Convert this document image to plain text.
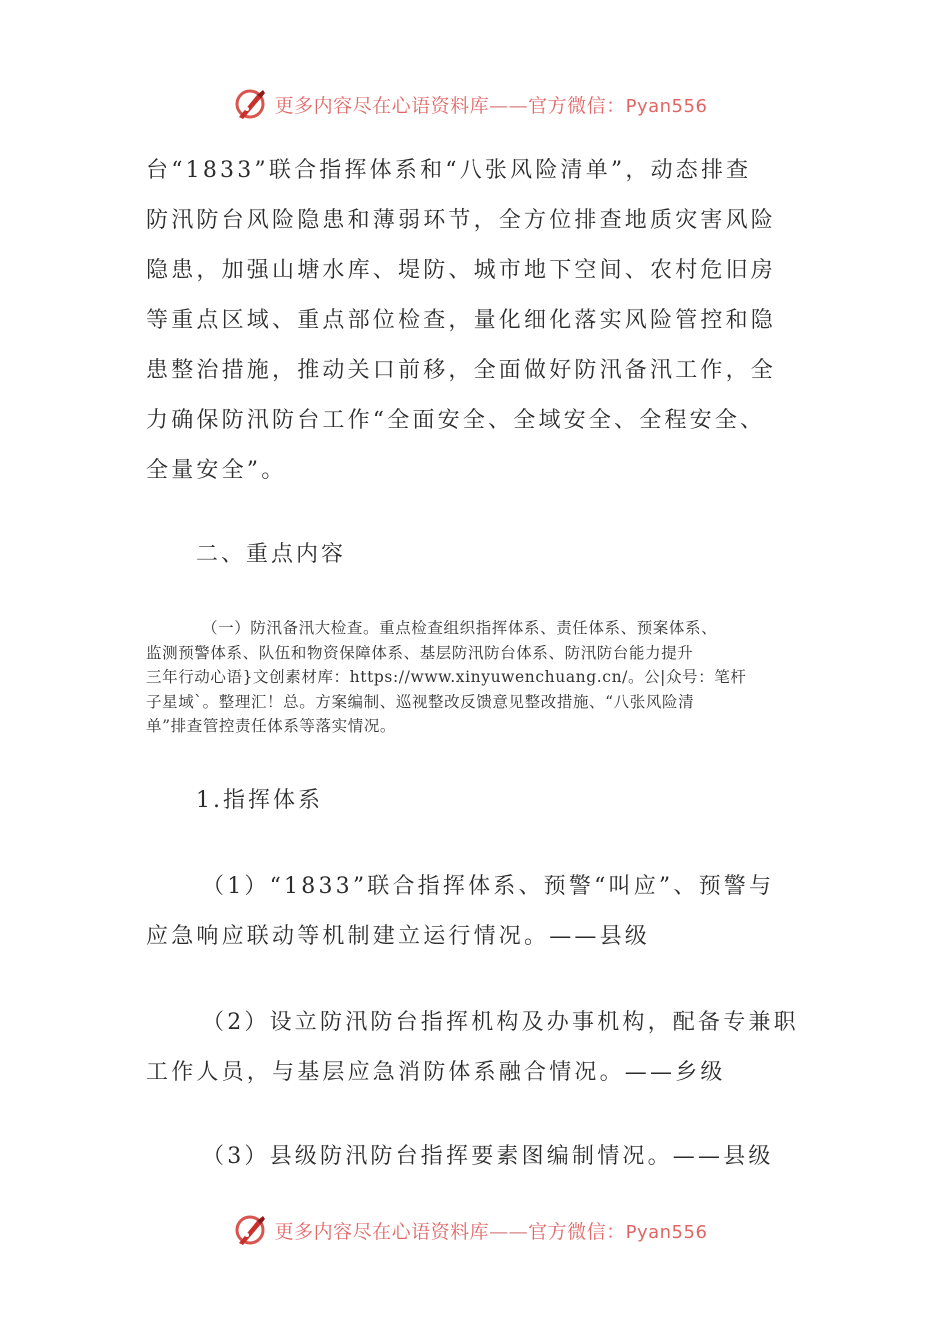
更多内容尽在心语资料库——官方微信：Pyan556
台“1833”联合指挥体系和“八张风险清单”，动态排查
防汛防台风险隐患和薄弱环节，全方位排查地质灾害风险
隐患，加强山塘水库、堤防、城市地下空间、农村危旧房
等重点区域、重点部位检查，量化细化落实风险管控和隐
患整治措施，推动关口前移，全面做好防汛备汛工作，全
力确保防汛防台工作“全面安全、全域安全、全程安全、
全量安全”。
二、重点内容
（一）防汛备汛大检查。重点检查组织指挥体系、责任体系、预案体系、
监测预警体系、队伍和物资保障体系、基层防汛防台体系、防汛防台能力提升
三年行动心语}文创素材库：https://www.xinyuwenchuang.cn/。公|众号：笔杆
子星域`。整理汇！总。方案编制、巡视整改反馈意见整改措施、“八张风险清
单”排查管控责任体系等落实情况。
1.指挥体系
（1）“1833”联合指挥体系、预警“叫应”、预警与
应急响应联动等机制建立运行情况。——县级
（2）设立防汛防台指挥机构及办事机构，配备专兼职
工作人员，与基层应急消防体系融合情况。——乡级
（3）县级防汛防台指挥要素图编制情况。——县级
更多内容尽在心语资料库——官方微信：Pyan556
